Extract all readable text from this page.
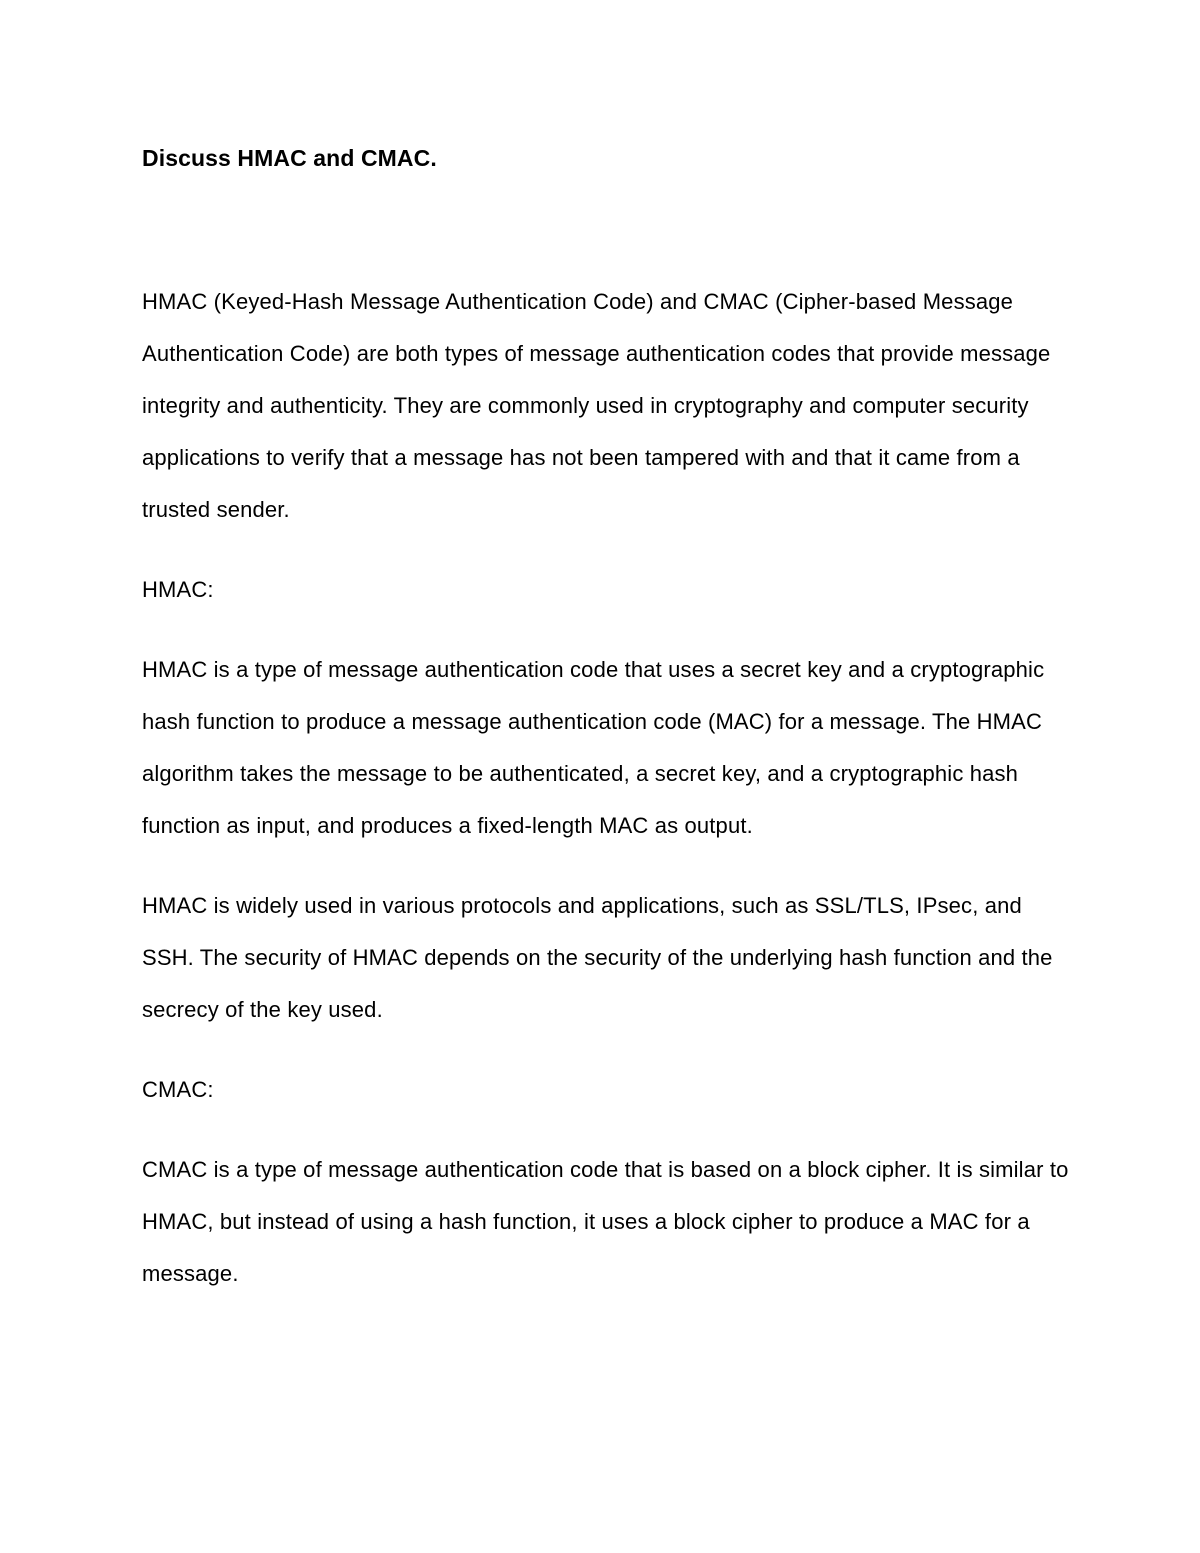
Discuss HMAC and CMAC.

HMAC (Keyed-Hash Message Authentication Code) and CMAC (Cipher-based Message Authentication Code) are both types of message authentication codes that provide message integrity and authenticity. They are commonly used in cryptography and computer security applications to verify that a message has not been tampered with and that it came from a trusted sender.

HMAC:

HMAC is a type of message authentication code that uses a secret key and a cryptographic hash function to produce a message authentication code (MAC) for a message. The HMAC algorithm takes the message to be authenticated, a secret key, and a cryptographic hash function as input, and produces a fixed-length MAC as output.

HMAC is widely used in various protocols and applications, such as SSL/TLS, IPsec, and SSH. The security of HMAC depends on the security of the underlying hash function and the secrecy of the key used.

CMAC:

CMAC is a type of message authentication code that is based on a block cipher. It is similar to HMAC, but instead of using a hash function, it uses a block cipher to produce a MAC for a message.
